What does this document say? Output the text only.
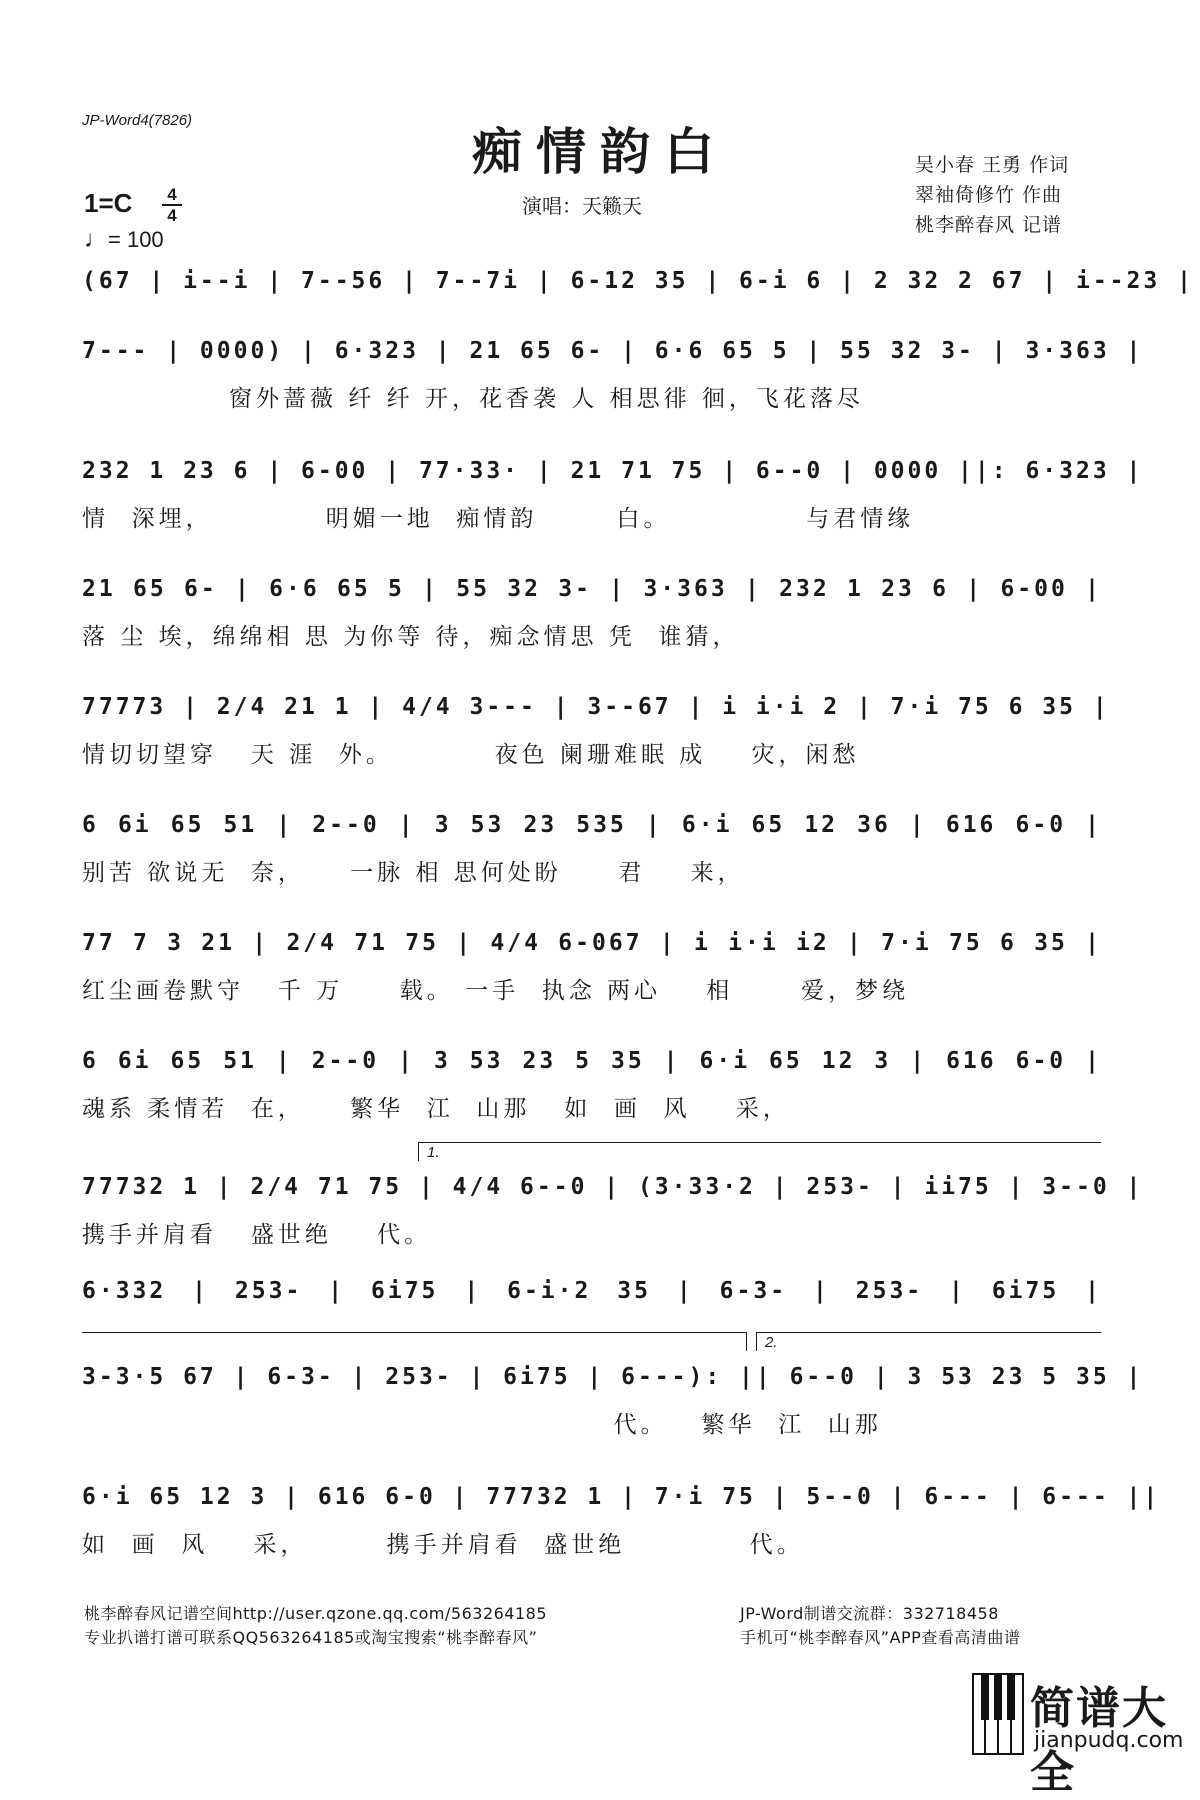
JP-Word4(7826)
痴情韵白	吴小春 王勇 作词
翠袖倚修竹 作曲
桃李醉春风 记谱
演唱：天籁天
1=C	4
4
♩= 100
(67 | i--i | 7--56 | 7--7i | 6-12 35 | 6-i 6 | 2 32 2 67 | i--23 |
7--- | 0000) | 6·323 | 21 65 6- | 6·6 65 5 | 55 32 3- | 3·363 |
窗外蔷薇 纤 纤 开，花香袭 人 相思徘 徊，飞花落尽
232 1 23 6 | 6-00 | 77·33· | 21 71 75 | 6--0 | 0000 ||: 6·323 |
情  深埋，          明媚一地  痴情韵       白。            与君情缘
21 65 6- | 6·6 65 5 | 55 32 3- | 3·363 | 232 1 23 6 | 6-00 |
落 尘 埃，绵绵相 思 为你等 待，痴念情思 凭  谁猜，
77773 | 2/4 21 1 | 4/4 3--- | 3--67 | i i·i 2 | 7·i 75 6 35 |
情切切望穿   天 涯  外。         夜色 阑珊难眠 成    灾，闲愁
6 6i 65 51 | 2--0 | 3 53 23 535 | 6·i 65 12 36 | 616 6-0 |
别苦 欲说无  奈，    一脉 相 思何处盼     君    来，
77 7 3 21 | 2/4 71 75 | 4/4 6-067 | i i·i i2 | 7·i 75 6 35 |
红尘画卷默守   千 万     载。 一手  执念 两心    相      爱，梦绕
6 6i 65 51 | 2--0 | 3 53 23 5 35 | 6·i 65 12 3 | 616 6-0 |
魂系 柔情若  在，    繁华  江  山那   如  画  风    采，
1.
77732 1 | 2/4 71 75 | 4/4 6--0 | (3·33·2 | 253- | ii75 | 3--0 |
携手并肩看   盛世绝    代。
6·332 | 253- | 6i75 | 6-i·2 35 | 6-3- | 253- | 6i75 |
2.
3-3·5 67 | 6-3- | 253- | 6i75 | 6---): || 6--0 | 3 53 23 5 35 |
代。   繁华  江  山那
6·i 65 12 3 | 616 6-0 | 77732 1 | 7·i 75 | 5--0 | 6--- | 6--- ||
如  画  风    采，       携手并肩看  盛世绝           代。
桃李醉春风记谱空间http://user.qzone.qq.com/563264185
专业扒谱打谱可联系QQ563264185或淘宝搜索“桃李醉春风”
JP-Word制谱交流群：332718458
手机可“桃李醉春风”APP查看高清曲谱
简谱大全
jianpudq.com
